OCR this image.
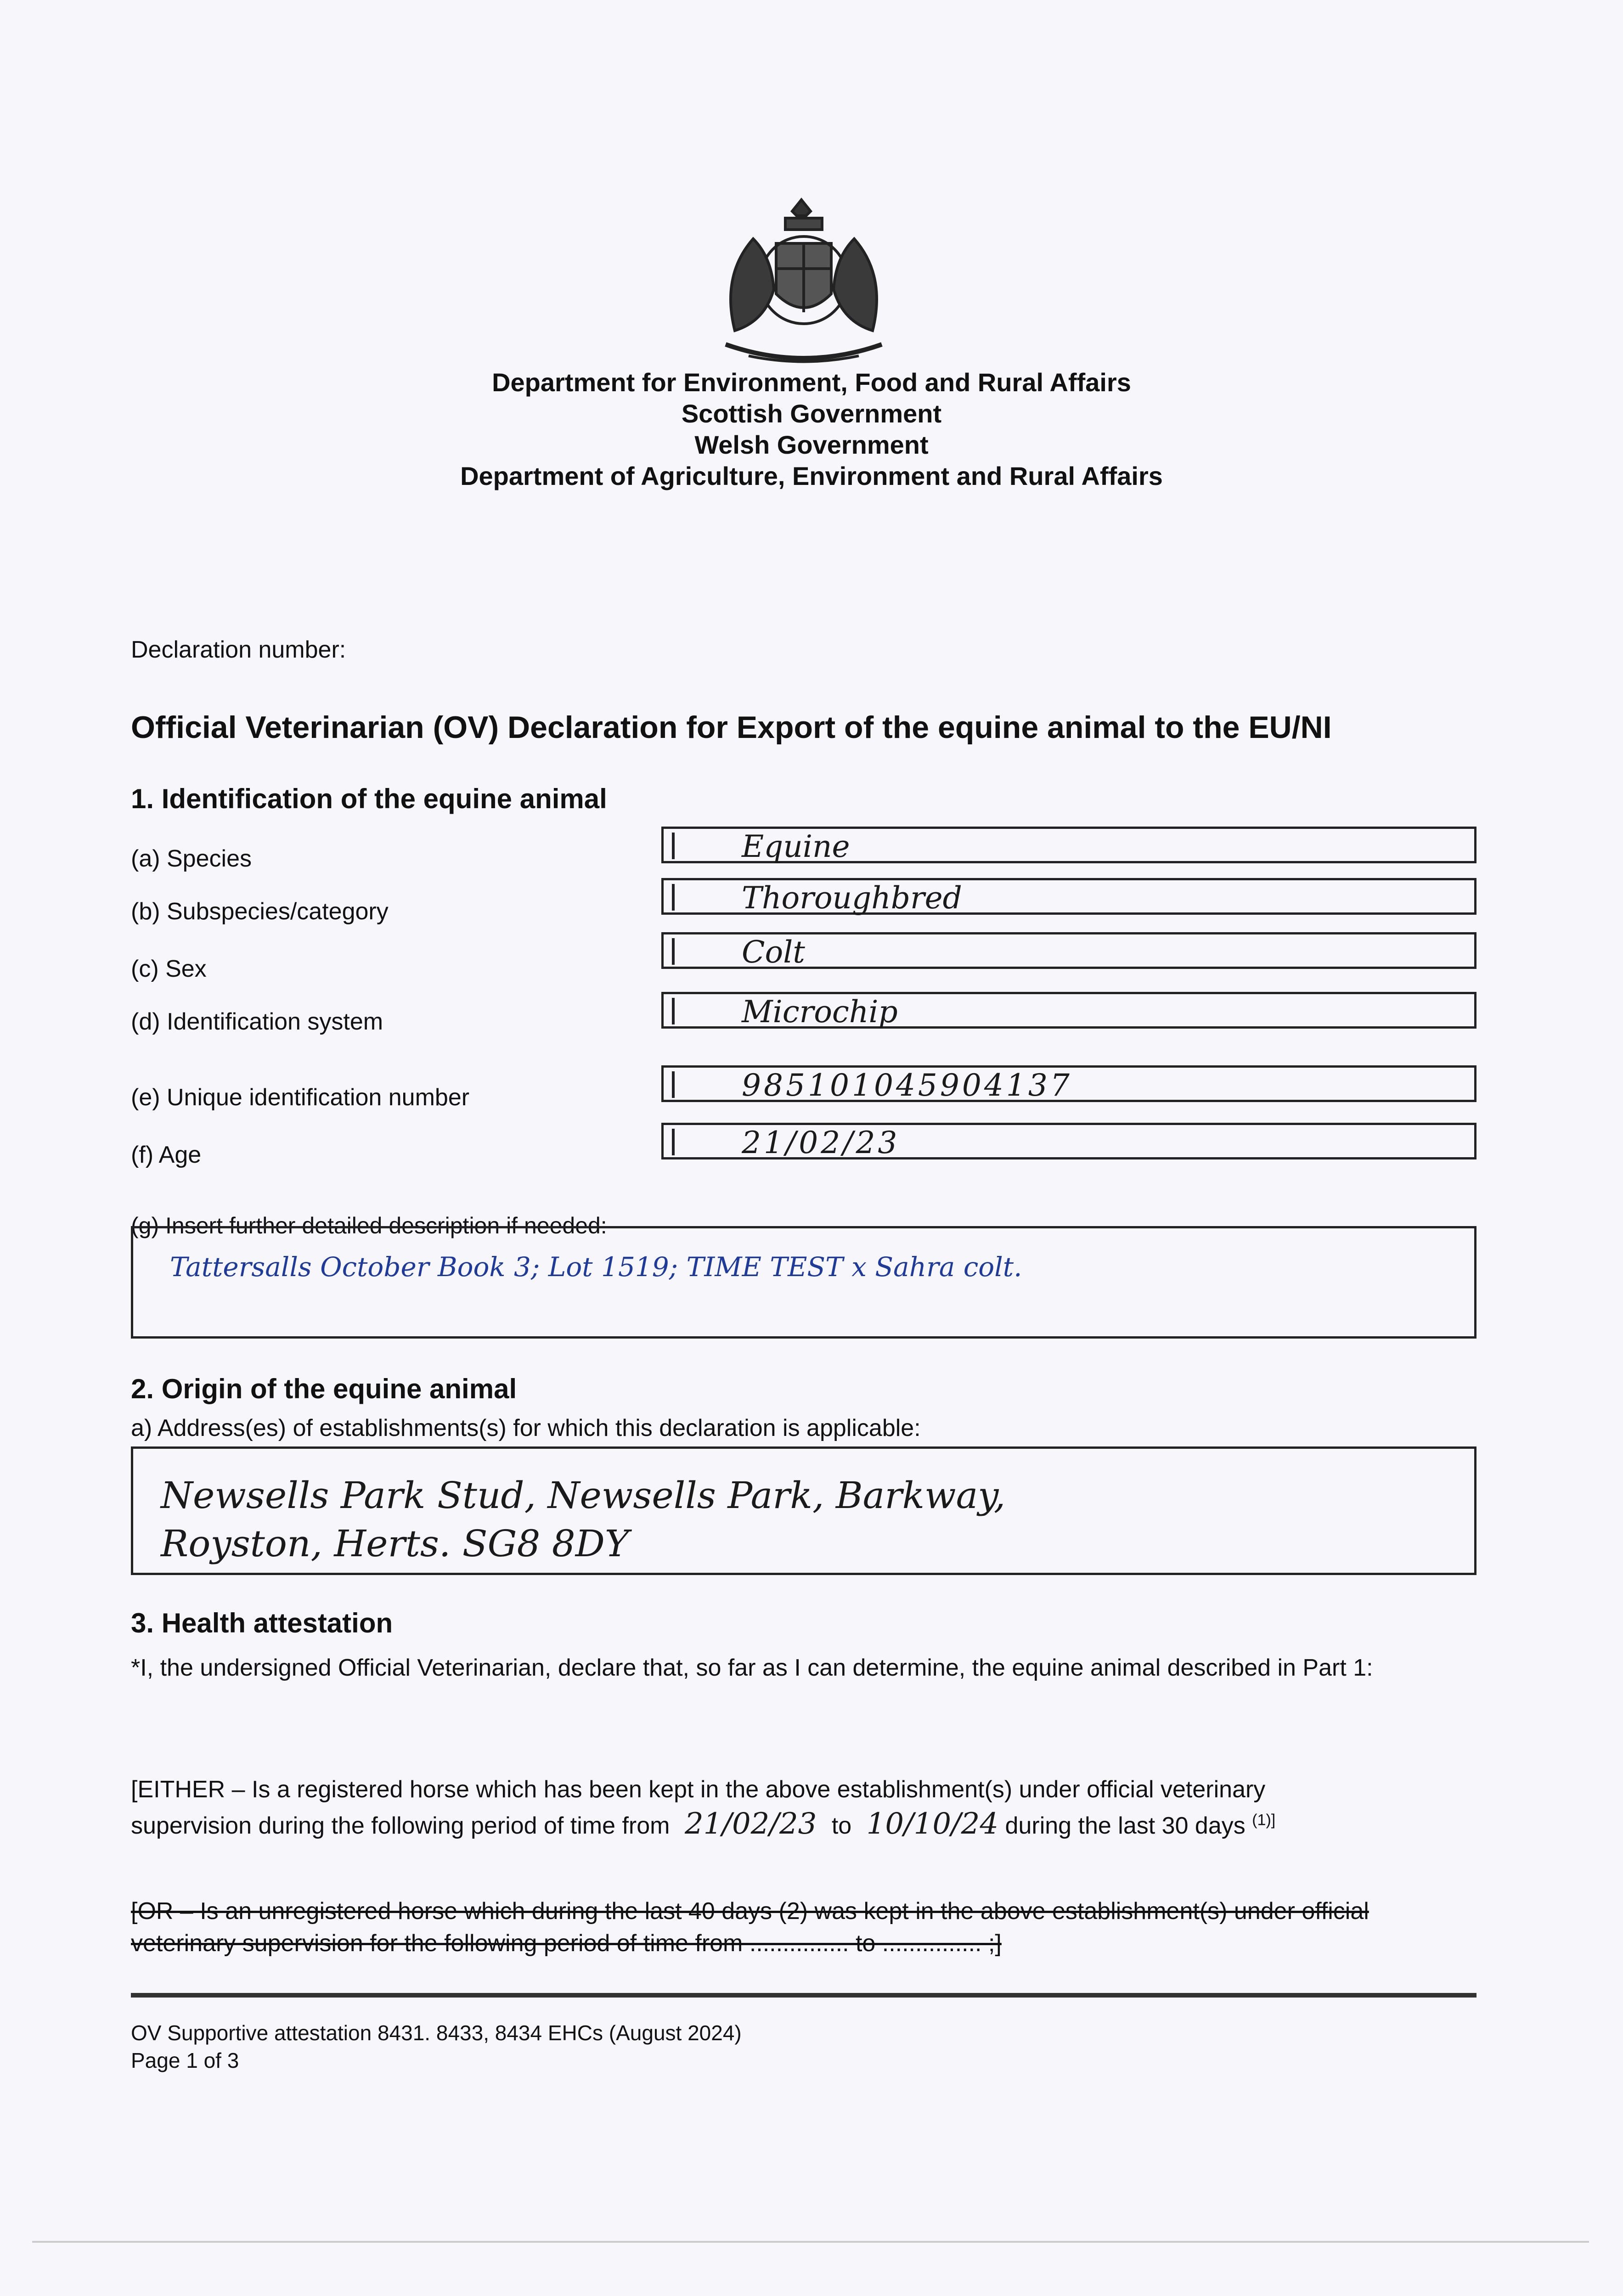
Department for Environment, Food and Rural Affairs
Scottish Government
Welsh Government
Department of Agriculture, Environment and Rural Affairs
Declaration number:
Official Veterinarian (OV) Declaration for Export of the equine animal to the EU/NI
1. Identification of the equine animal
(a) Species	Equine
(b) Subspecies/category	Thoroughbred
(c) Sex	Colt
(d) Identification system	Microchip
(e) Unique identification number	985101045904137
(f) Age	21/02/23
(g) Insert further detailed description if needed:
Tattersalls October Book 3; Lot 1519; TIME TEST x Sahra colt.
2. Origin of the equine animal
a) Address(es) of establishments(s) for which this declaration is applicable:
Newsells Park Stud, Newsells Park, Barkway,
Royston, Herts. SG8 8DY
3. Health attestation
*I, the undersigned Official Veterinarian, declare that, so far as I can determine, the equine animal described in Part 1:
[EITHER – Is a registered horse which has been kept in the above establishment(s) under official veterinary
supervision during the following period of time from 21/02/23 to 10/10/24 during the last 30 days $^{(1)]}$
[OR – Is an unregistered horse which during the last 40 days (2) was kept in the above establishment(s) under official
veterinary supervision for the following period of time from ............... to ............... ;]
OV Supportive attestation 8431. 8433, 8434 EHCs (August 2024)
Page 1 of 3
